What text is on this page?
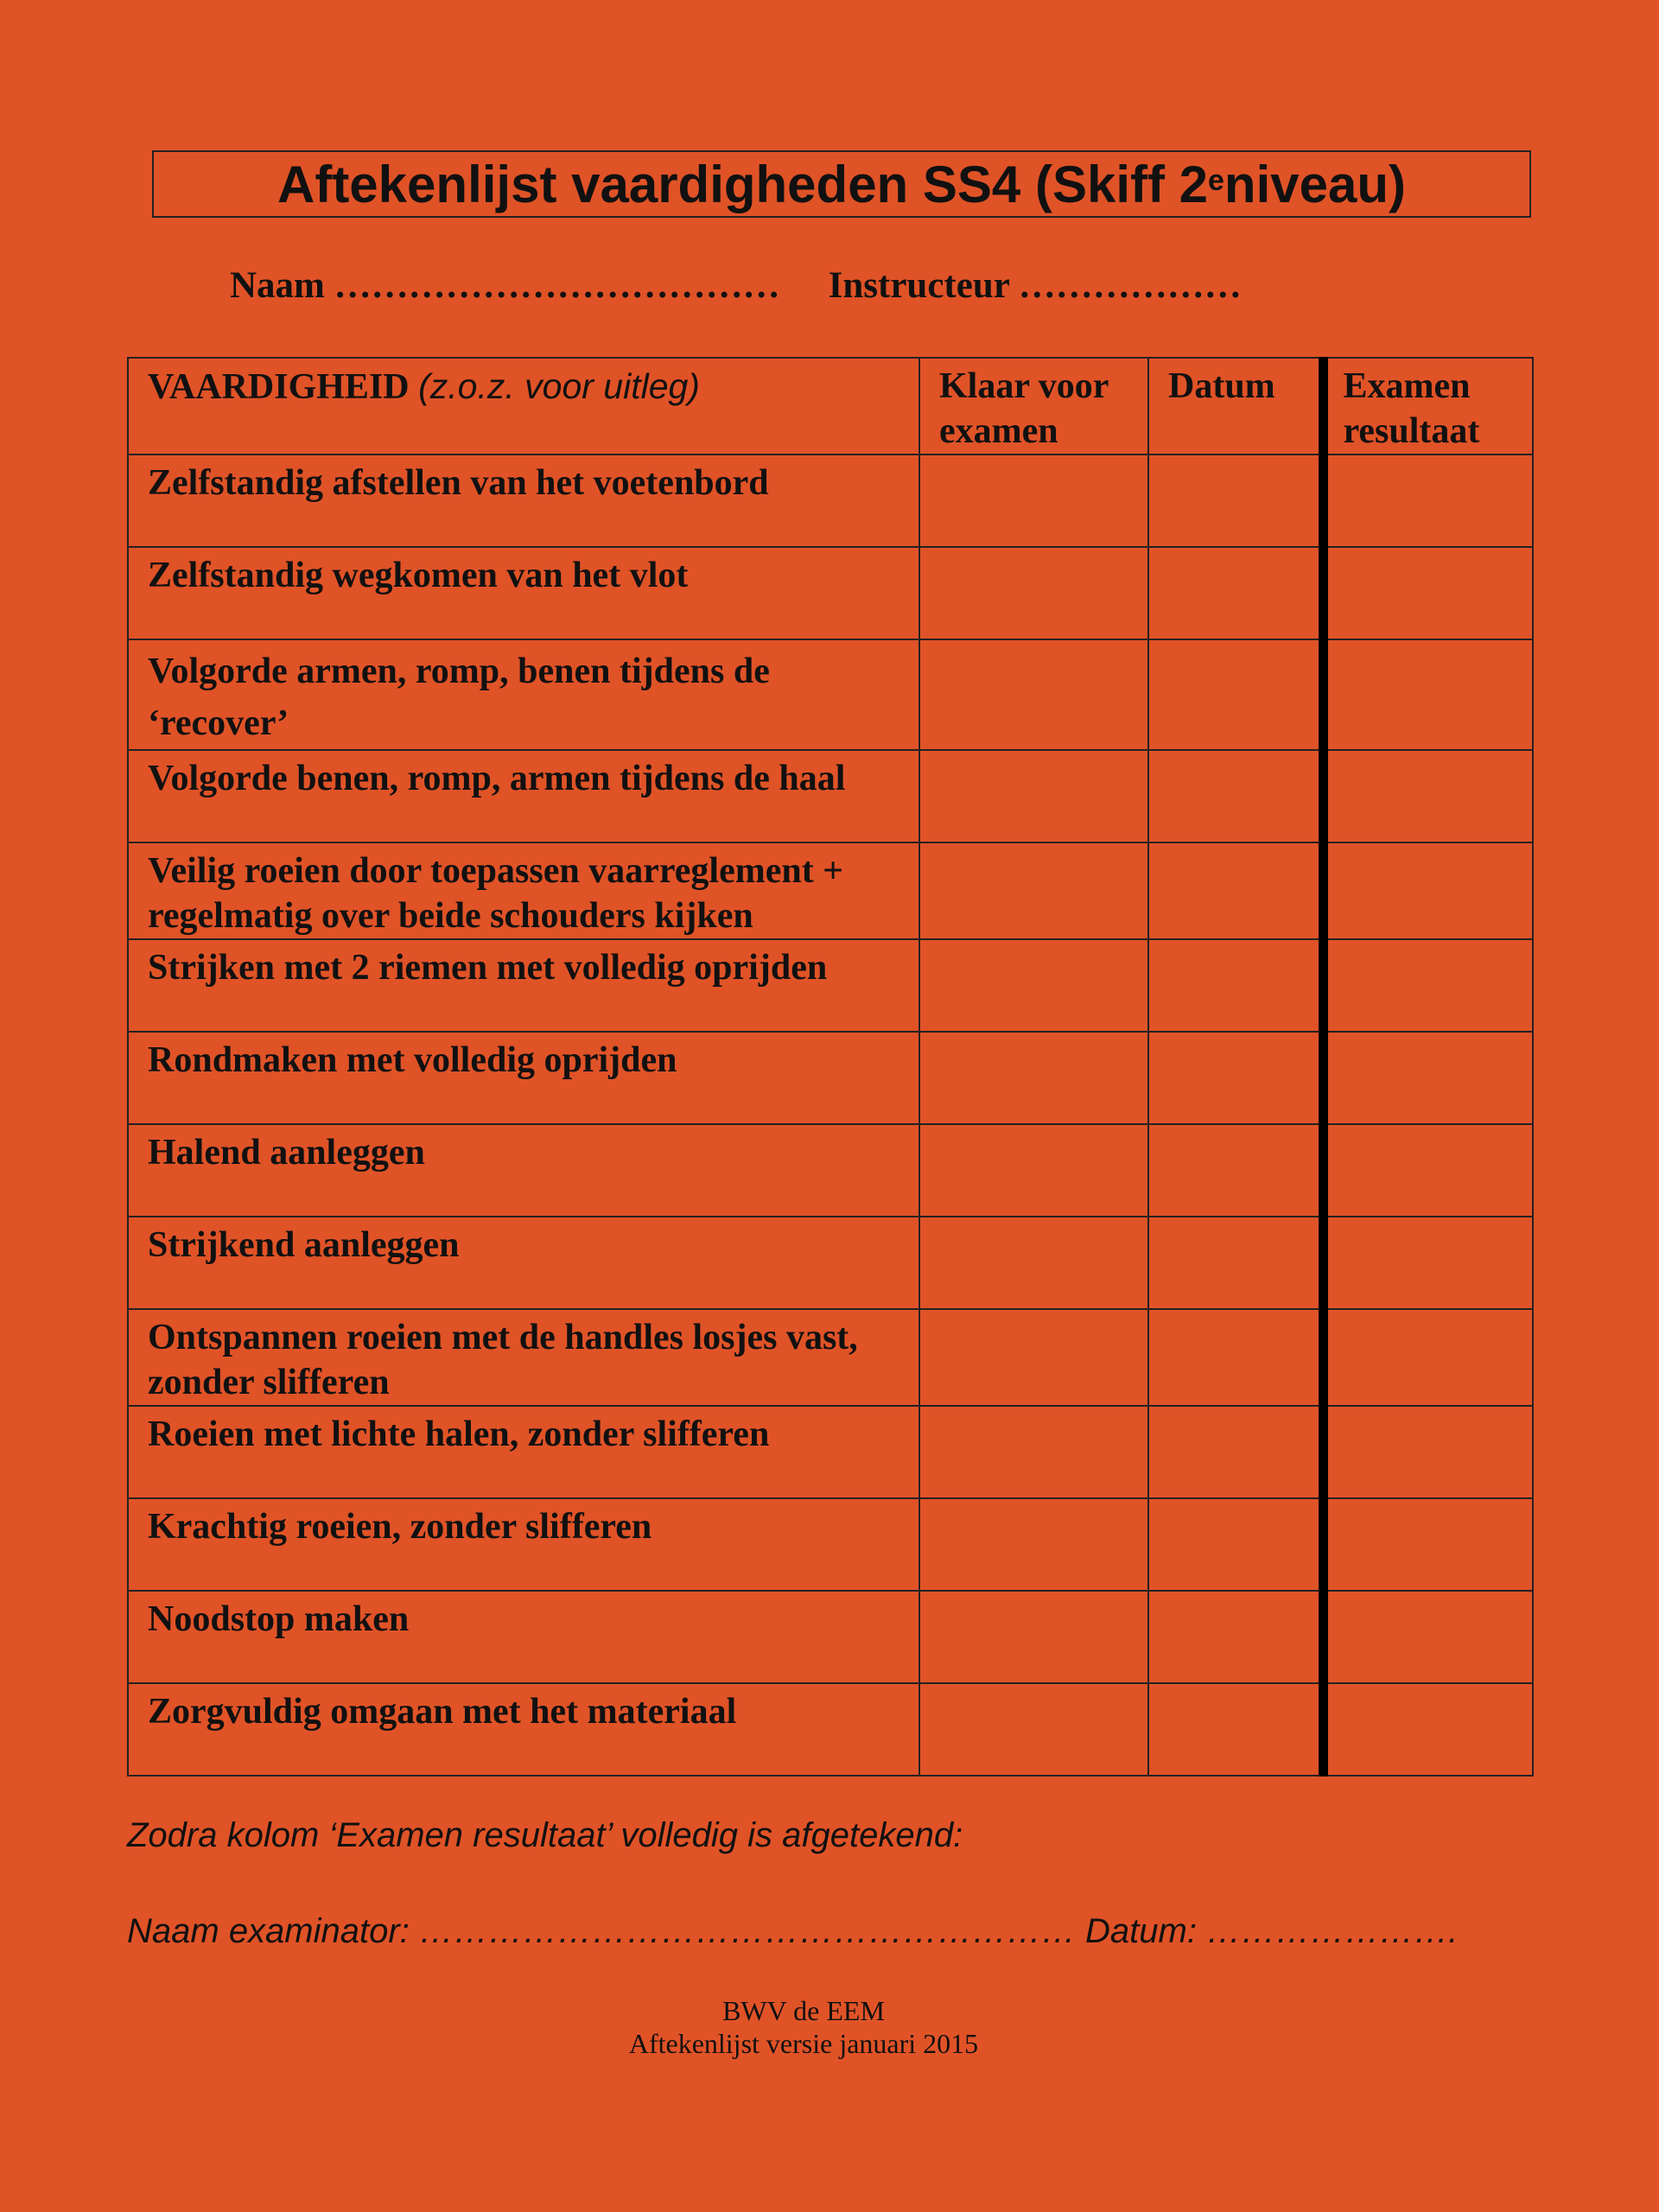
Aftekenlijst vaardigheden SS4 (Skiff 2e niveau)
Naam ……………………………… Instructeur ………………
VAARDIGHEID (z.o.z. voor uitleg)	Klaar voor examen	Datum	Examen resultaat
Zelfstandig afstellen van het voetenbord			
Zelfstandig wegkomen van het vlot			
Volgorde armen, romp, benen tijdens de ‘recover’			
Volgorde benen, romp, armen tijdens de haal			
Veilig roeien door toepassen vaarreglement + regelmatig over beide schouders kijken			
Strijken met 2 riemen met volledig oprijden			
Rondmaken met volledig oprijden			
Halend aanleggen			
Strijkend aanleggen			
Ontspannen roeien met de handles losjes vast, zonder slifferen			
Roeien met lichte halen, zonder slifferen			
Krachtig roeien, zonder slifferen			
Noodstop maken			
Zorgvuldig omgaan met het materiaal			
Zodra kolom ‘Examen resultaat’ volledig is afgetekend:
Naam examinator: ………………………………………………… Datum: ………………….
BWV de EEM
Aftekenlijst versie januari 2015
